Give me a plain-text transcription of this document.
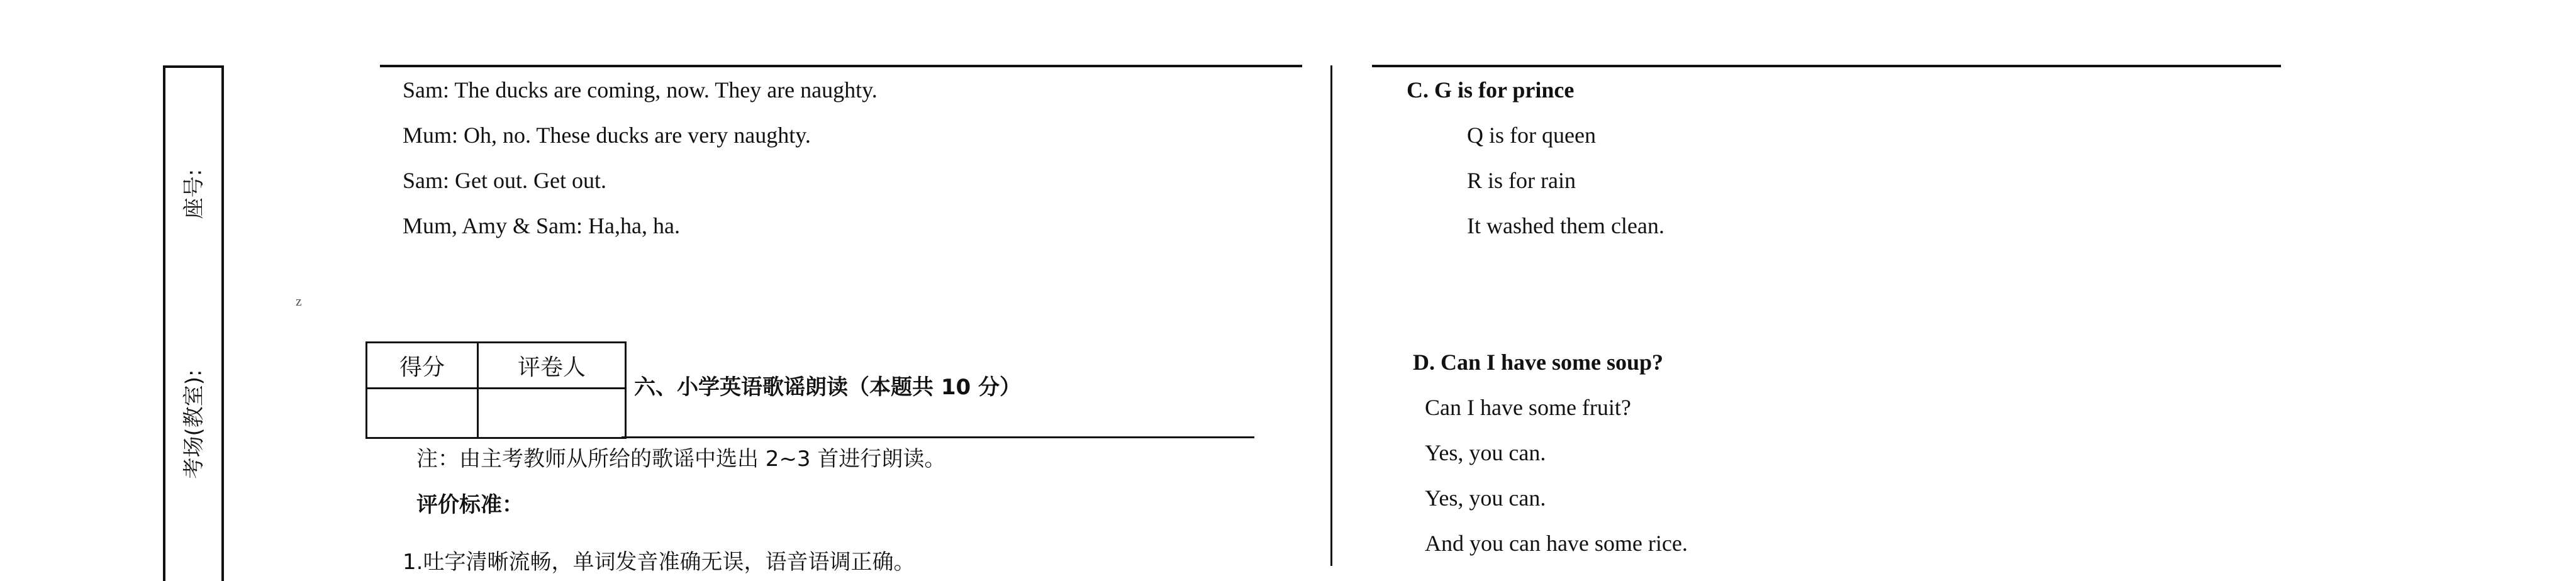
座号:
考场(教室):
z
Sam: The ducks are coming, now. They are naughty.
Mum: Oh, no. These ducks are very naughty.
Sam: Get out. Get out.
Mum, Amy & Sam: Ha,ha, ha.
得分	评卷人

六、小学英语歌谣朗读（本题共 10 分）
注：由主考教师从所给的歌谣中选出 2~3 首进行朗读。
评价标准：
1.吐字清晰流畅，单词发音准确无误，语音语调正确。
C. G is for prince
Q is for queen
R is for rain
It washed them clean.
D. Can I have some soup?
Can I have some fruit?
Yes, you can.
Yes, you can.
And you can have some rice.
